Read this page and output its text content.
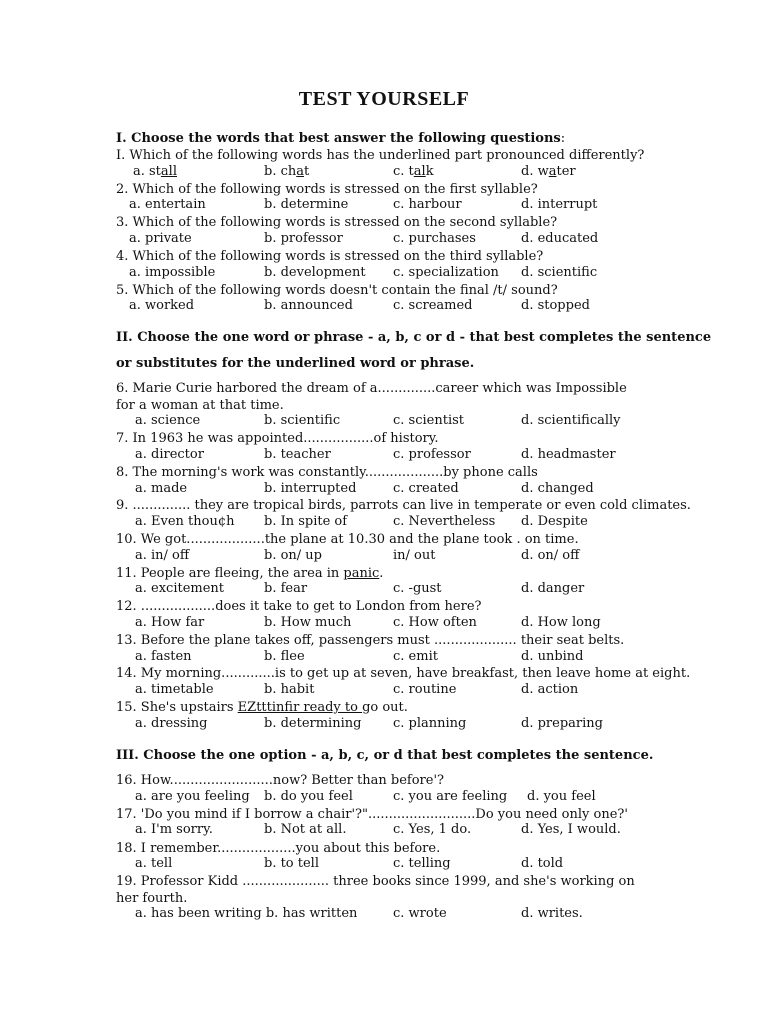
TEST YOURSELF
I. Choose the words that best answer the following questions:
II. Choose the one word or phrase - a, b, c or d - that best completes the sentence
or substitutes for the underlined word or phrase.
III. Choose the one option - a, b, c, or d that best completes the sentence.
I. Which of the following words has the underlined part pronounced differently?
a. stall	b. chat	c. talk	d. water
2. Which of the following words is stressed on the first syllable?
a. entertain	b. determine	c. harbour	d. interrupt
3. Which of the following words is stressed on the second syllable?
a. private	b. professor	c. purchases	d. educated
4. Which of the following words is stressed on the third syllable?
a. impossible	b. development c. specialization d. scientific
5. Which of the following words doesn't contain the final /t/ sound?
a. worked	b. announced	c. screamed	d. stopped
6. Marie Curie harbored the dream of a..............career which was Impossible for a woman at that time.
a. science	b. scientific	c. scientist	d. scientifically
7. In 1963 he was appointed.................of history.
a. director	b. teacher	c. professor	d. headmaster
8. The morning's work was constantly...................by phone calls
a. made	b. interrupted	c. created	d. changed
9. .............. they are tropical birds, parrots can live in temperate or even cold climates.
a. Even thou¢h b. In spite of	c. Nevertheless d. Despite
10. We got...................the plane at 10.30 and the plane took . on time.
a. in/ off	b. on/ up	in/ out	d. on/ off
11. People are fleeing, the area in panic.
a. excitement	b. fear	c. -gust	d. danger
12. ..................does it take to get to London from here?
a. How far	b. How much	c. How often	d. How long
13. Before the plane takes off, passengers must .................... their seat belts.
a. fasten	b. flee	c. emit	d. unbind
14. My morning.............is to get up at seven, have breakfast, then leave home at eight.
a. timetable	b. habit	c. routine	d. action
15. She's upstairs EZtttinfir ready to go out.
a. dressing	b. determining c. planning	d. preparing
16. How.........................now? Better than before'?
a. are you feeling b. do you feel	c. you are feeling d. you feel
17. 'Do you mind if I borrow a chair'?"..........................Do you need only one?'
a. I'm sorry.	b. Not at all.	c. Yes, 1 do.	d. Yes, I would.
18. I remember...................you about this before.
a. tell	b. to tell	c. telling	d. told
19. Professor Kidd ..................... three books since 1999, and she's working on her fourth.
a. has been writing b. has written	c. wrote	d. writes.
